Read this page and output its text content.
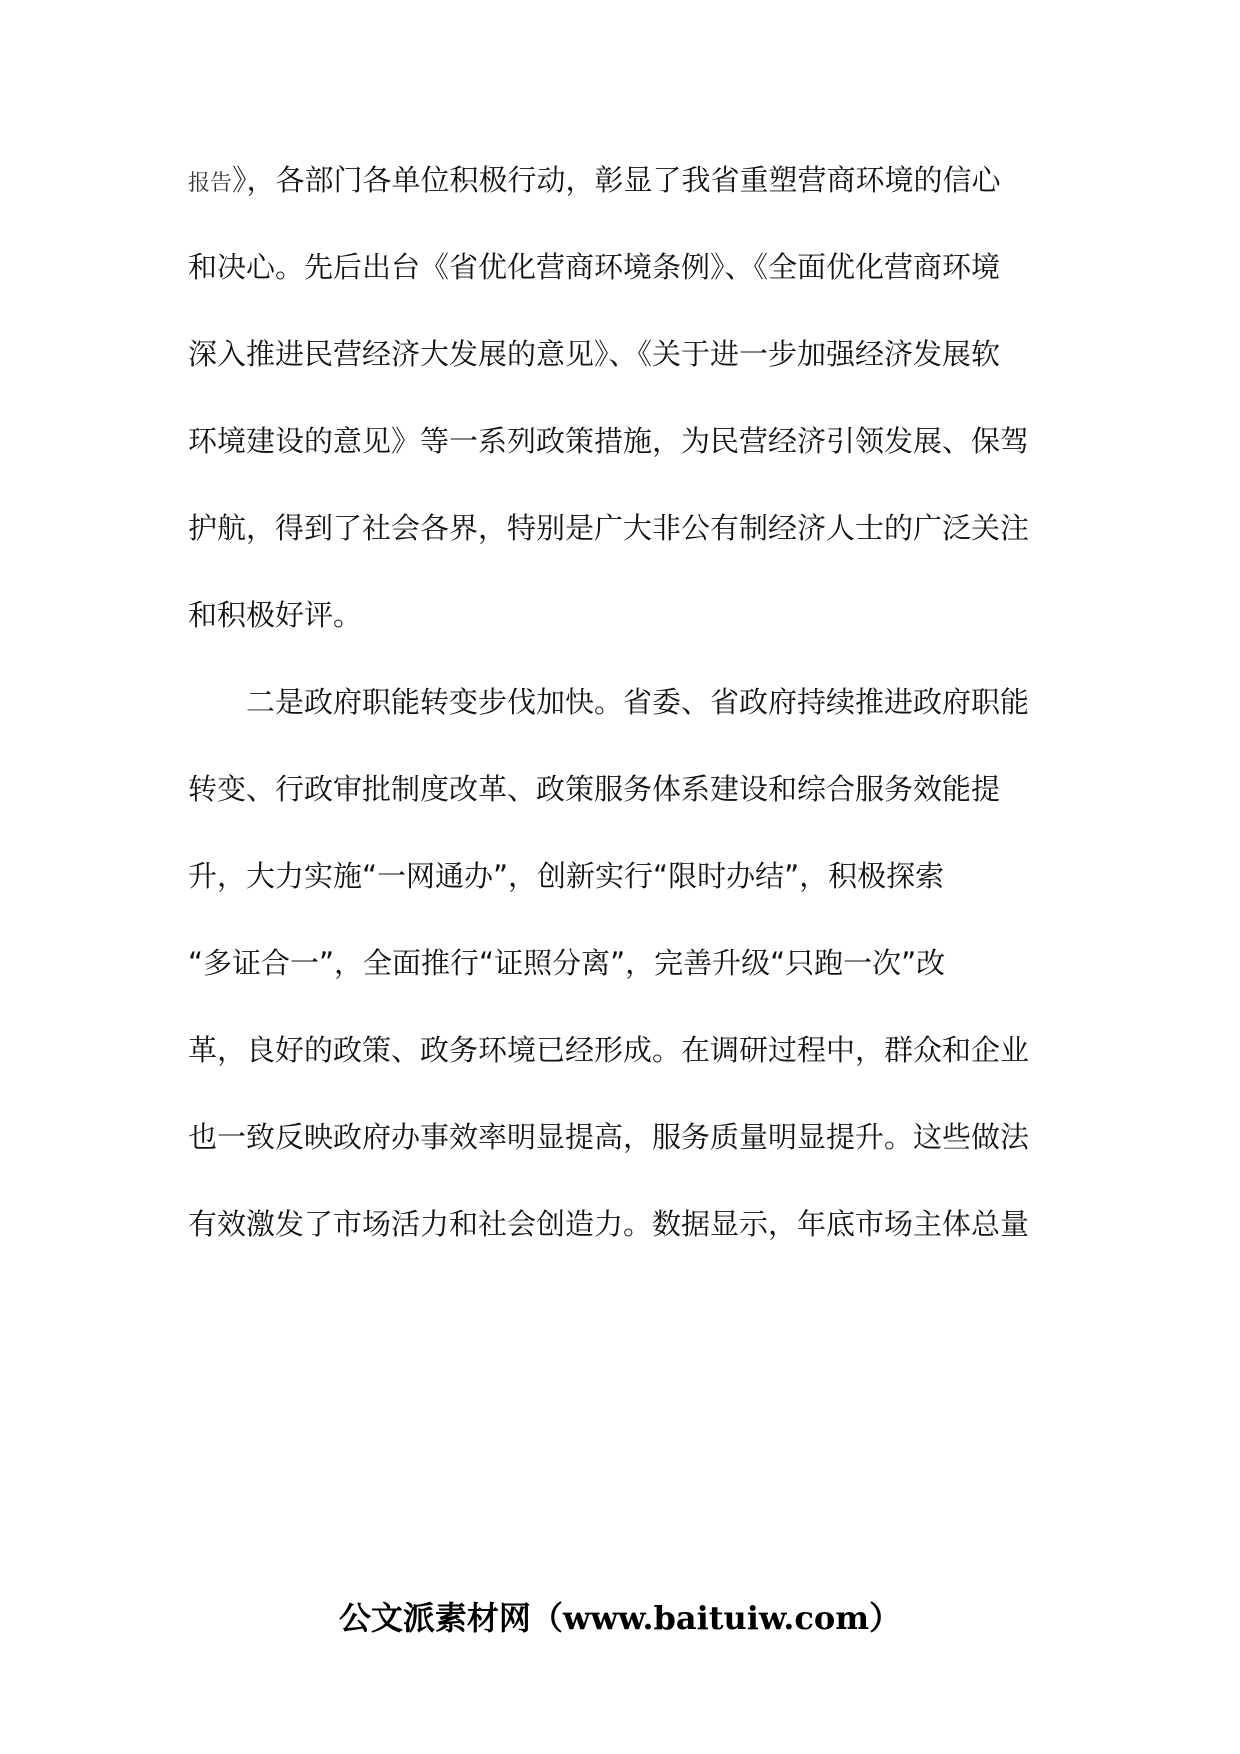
报告》，各部门各单位积极行动，彰显了我省重塑营商环境的信心
和决心。先后出台《省优化营商环境条例》、《全面优化营商环境
深入推进民营经济大发展的意见》、《关于进一步加强经济发展软
环境建设的意见》等一系列政策措施，为民营经济引领发展、保驾
护航，得到了社会各界，特别是广大非公有制经济人士的广泛关注
和积极好评。
二是政府职能转变步伐加快。省委、省政府持续推进政府职能
转变、行政审批制度改革、政策服务体系建设和综合服务效能提
升，大力实施“一网通办”，创新实行“限时办结”，积极探索
“多证合一”，全面推行“证照分离”，完善升级“只跑一次”改
革，良好的政策、政务环境已经形成。在调研过程中，群众和企业
也一致反映政府办事效率明显提高，服务质量明显提升。这些做法
有效激发了市场活力和社会创造力。数据显示，年底市场主体总量
公文派素材网（www.baituiw.com）
